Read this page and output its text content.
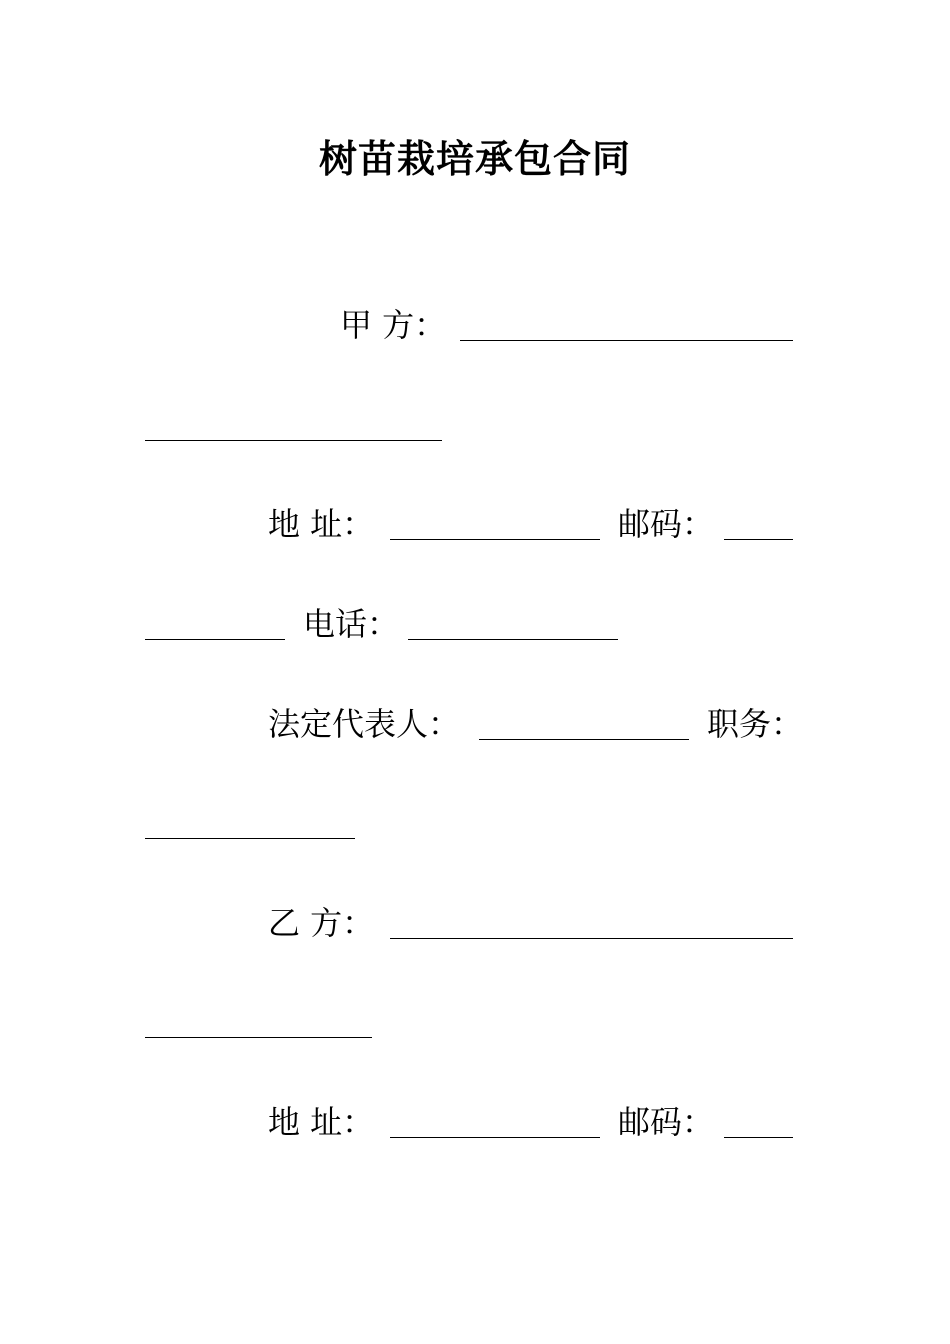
树苗栽培承包合同
甲 方：
地 址：	邮码：
电话：
法定代表人：	职务：
乙 方：
地 址：	邮码：
